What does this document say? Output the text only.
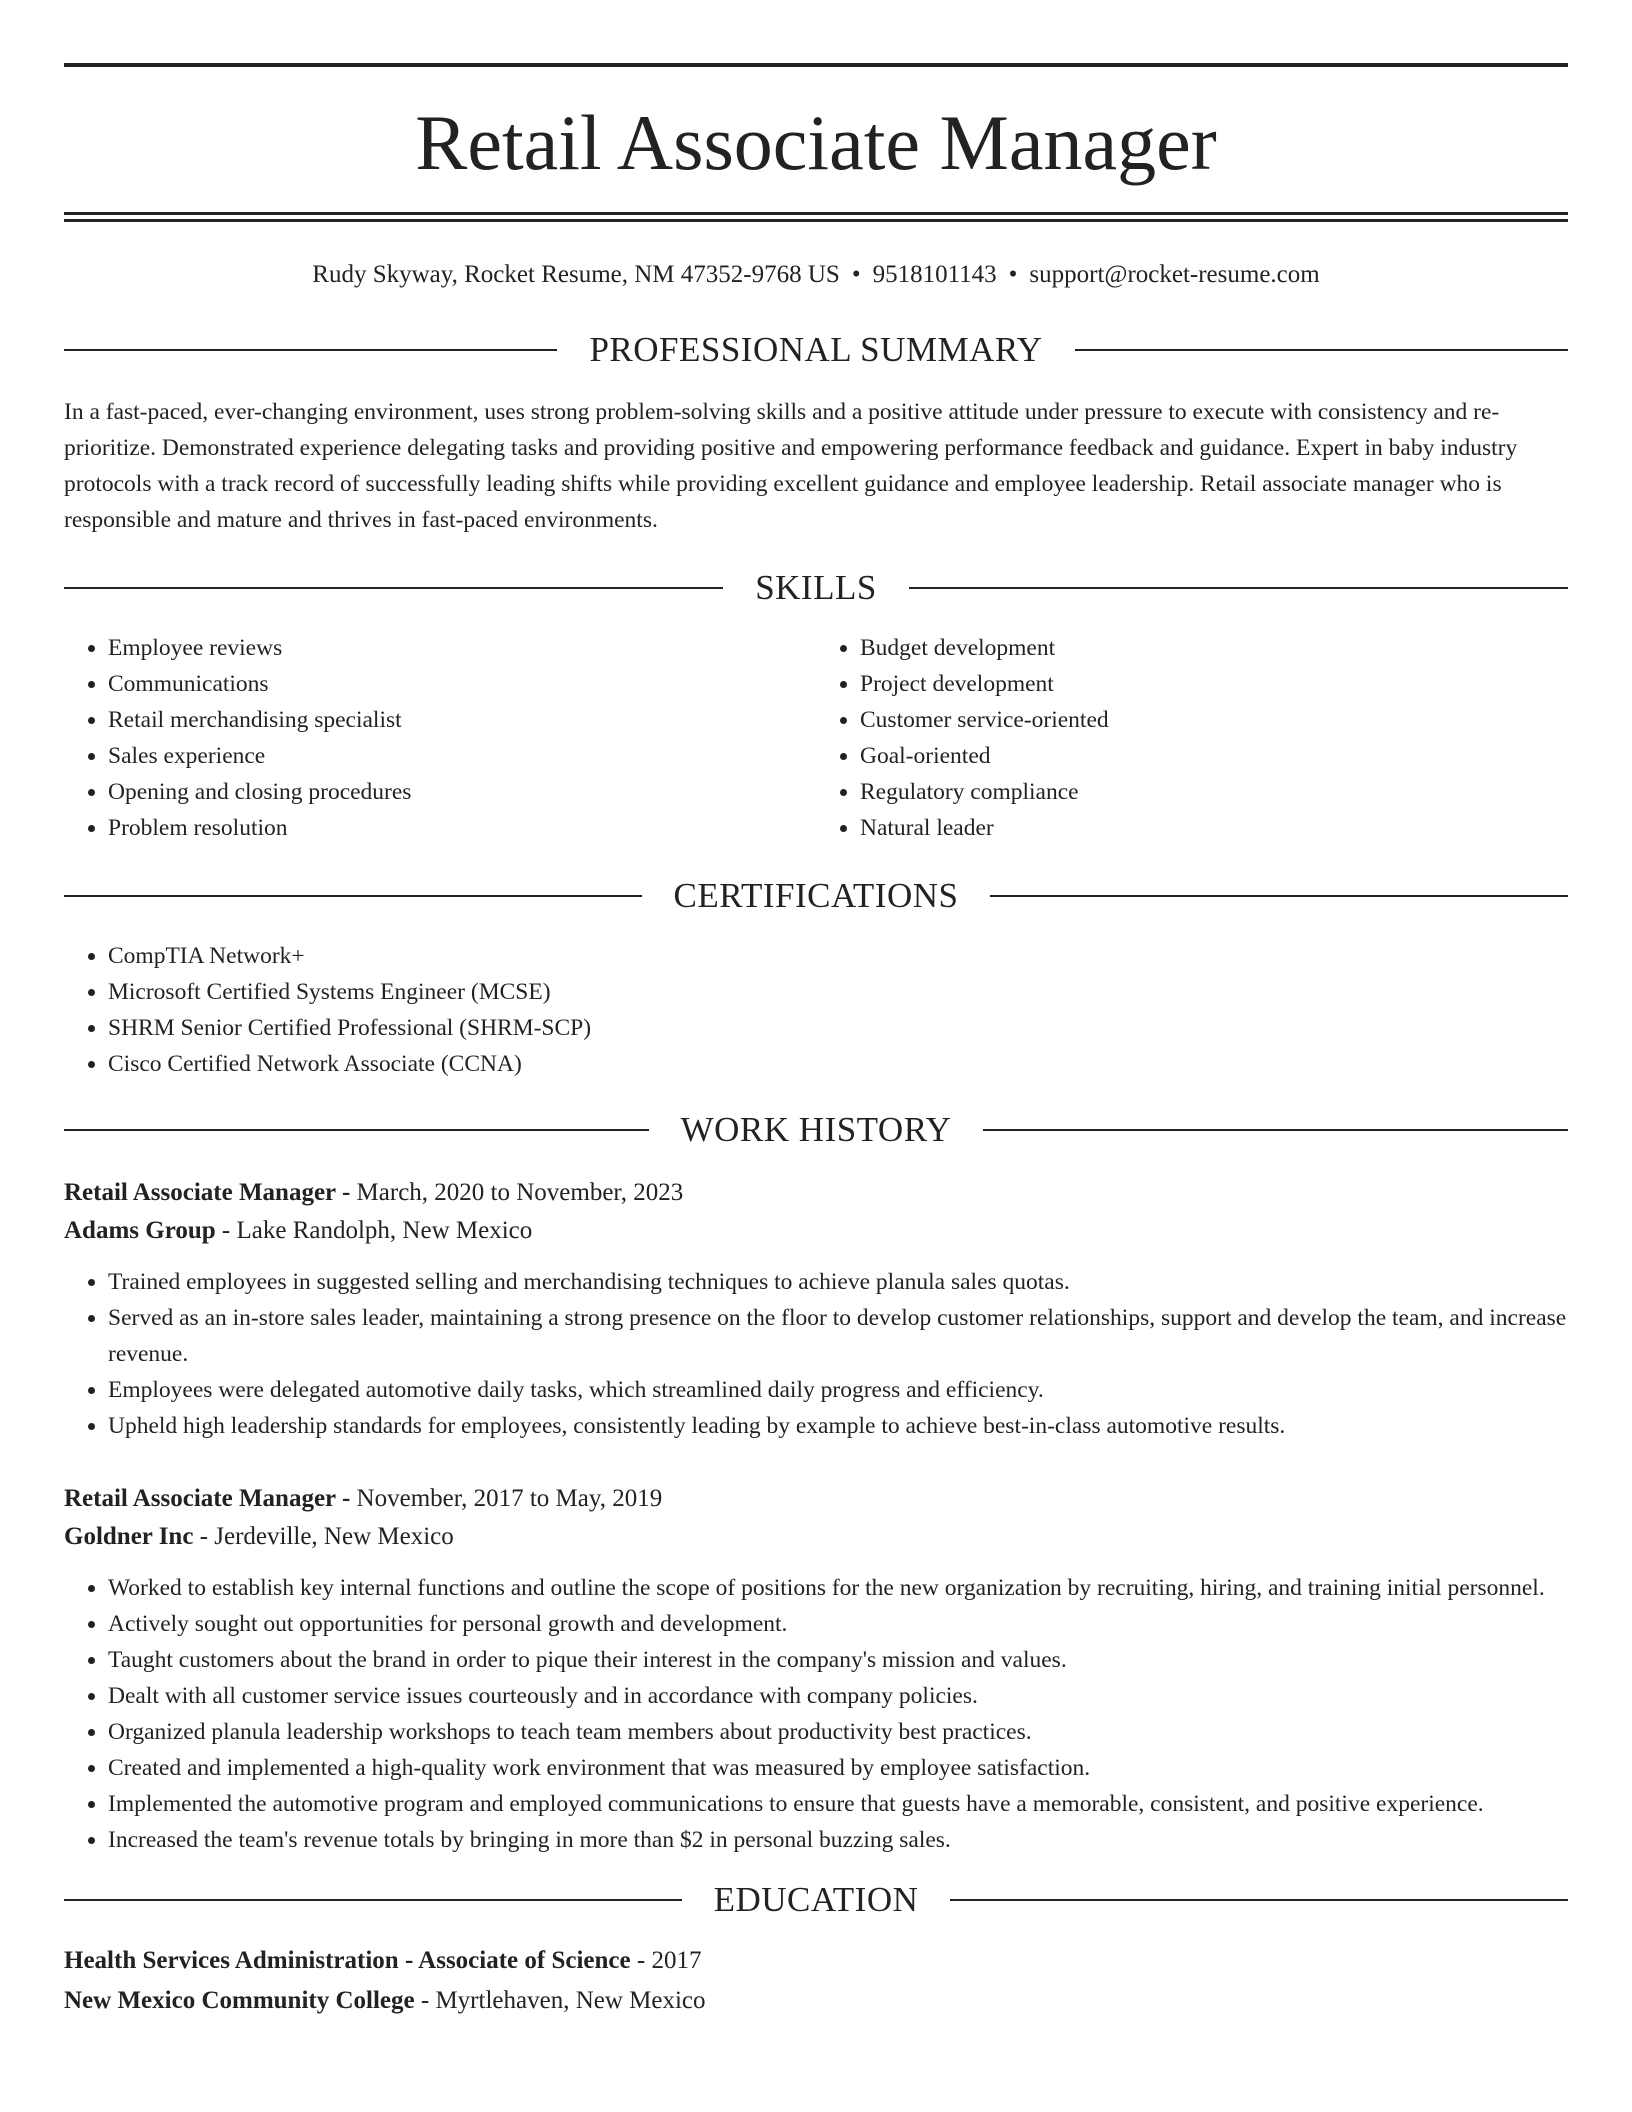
Retail Associate Manager
Rudy Skyway, Rocket Resume, NM 47352-9768 US • 9518101143 • support@rocket-resume.com
PROFESSIONAL SUMMARY

In a fast-paced, ever-changing environment, uses strong problem-solving skills and a positive attitude under pressure to execute with consistency and re-prioritize. Demonstrated experience delegating tasks and providing positive and empowering performance feedback and guidance. Expert in baby industry protocols with a track record of successfully leading shifts while providing excellent guidance and employee leadership. Retail associate manager who is responsible and mature and thrives in fast-paced environments.

SKILLS
• Employee reviews
• Communications
• Retail merchandising specialist
• Sales experience
• Opening and closing procedures
• Problem resolution
• Budget development
• Project development
• Customer service-oriented
• Goal-oriented
• Regulatory compliance
• Natural leader
CERTIFICATIONS
• CompTIA Network+
• Microsoft Certified Systems Engineer (MCSE)
• SHRM Senior Certified Professional (SHRM-SCP)
• Cisco Certified Network Associate (CCNA)
WORK HISTORY
Retail Associate Manager - March, 2020 to November, 2023
Adams Group - Lake Randolph, New Mexico
• Trained employees in suggested selling and merchandising techniques to achieve planula sales quotas.
• Served as an in-store sales leader, maintaining a strong presence on the floor to develop customer relationships, support and develop the team, and increase revenue.
• Employees were delegated automotive daily tasks, which streamlined daily progress and efficiency.
• Upheld high leadership standards for employees, consistently leading by example to achieve best-in-class automotive results.
Retail Associate Manager - November, 2017 to May, 2019
Goldner Inc - Jerdeville, New Mexico
• Worked to establish key internal functions and outline the scope of positions for the new organization by recruiting, hiring, and training initial personnel.
• Actively sought out opportunities for personal growth and development.
• Taught customers about the brand in order to pique their interest in the company's mission and values.
• Dealt with all customer service issues courteously and in accordance with company policies.
• Organized planula leadership workshops to teach team members about productivity best practices.
• Created and implemented a high-quality work environment that was measured by employee satisfaction.
• Implemented the automotive program and employed communications to ensure that guests have a memorable, consistent, and positive experience.
• Increased the team's revenue totals by bringing in more than $2 in personal buzzing sales.
EDUCATION
Health Services Administration - Associate of Science - 2017
New Mexico Community College - Myrtlehaven, New Mexico
